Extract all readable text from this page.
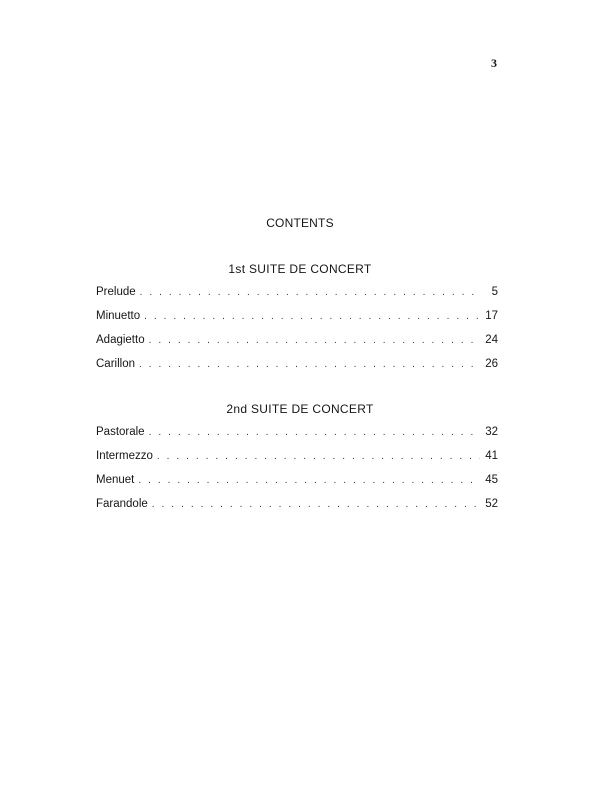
3
CONTENTS
1st SUITE DE CONCERT
Prelude . . .	5
Minuetto . . .	17
Adagietto . . .	24
Carillon . . .	26
2nd SUITE DE CONCERT
Pastorale . . .	32
Intermezzo . . .	41
Menuet . . .	45
Farandole . . .	52
